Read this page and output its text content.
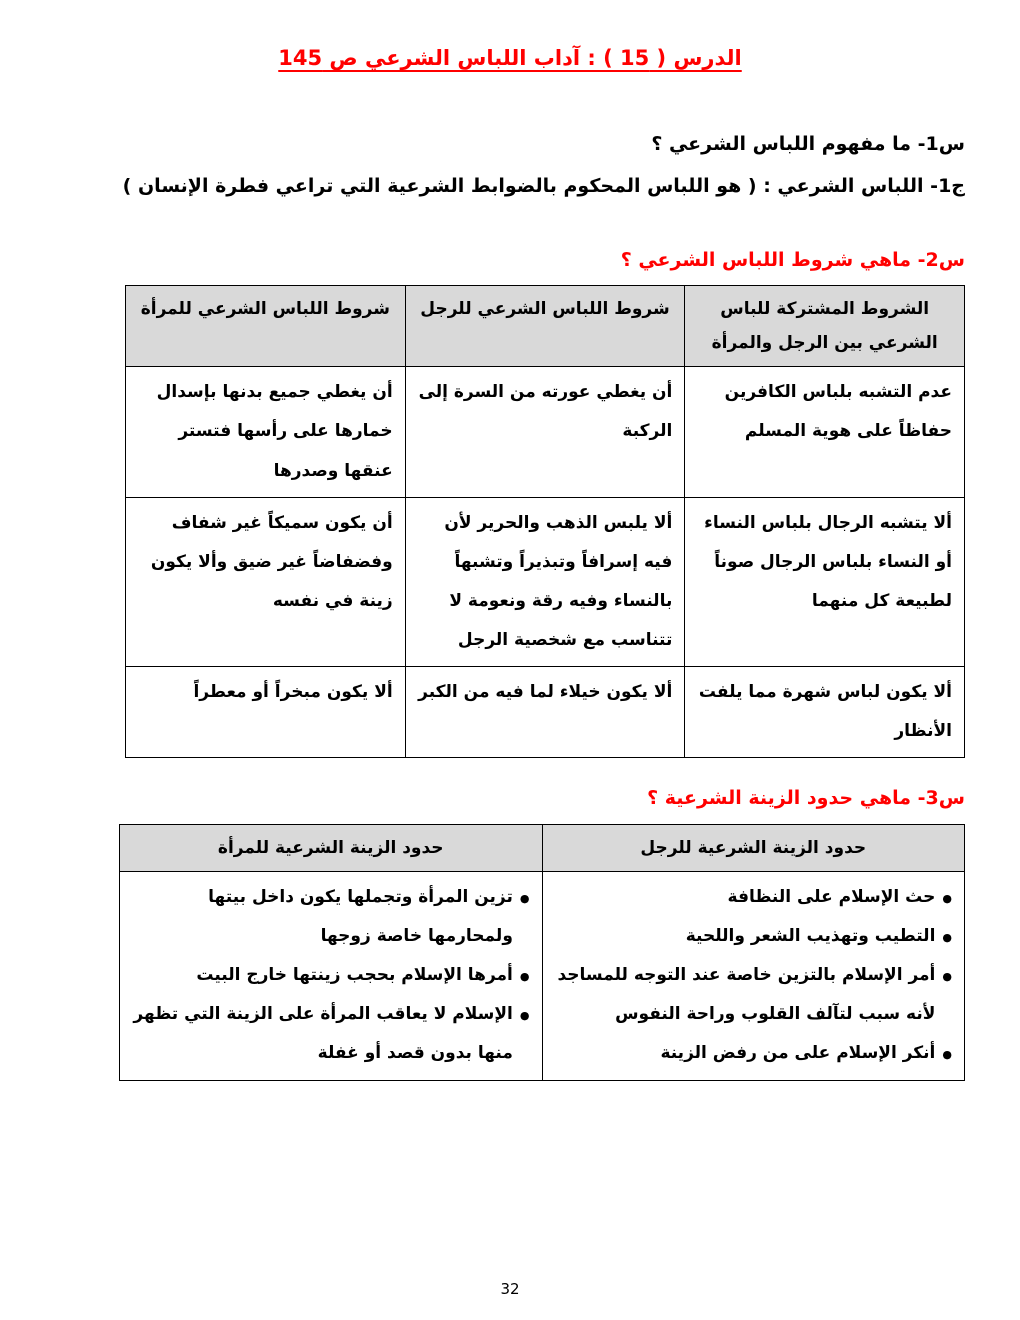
الدرس ( 15 ) : آداب اللباس الشرعي ص 145

س1- ما مفهوم اللباس الشرعي ؟

ج1- اللباس الشرعي : ( هو اللباس المحكوم بالضوابط الشرعية التي تراعي فطرة الإنسان )

س2- ماهي شروط اللباس الشرعي ؟

الشروط المشتركة للباس الشرعي بين الرجل والمرأة	شروط اللباس الشرعي للرجل	شروط اللباس الشرعي للمرأة
عدم التشبه بلباس الكافرين حفاظاً على هوية المسلم	أن يغطي عورته من السرة إلى الركبة	أن يغطي جميع بدنها بإسدال خمارها على رأسها فتستر عنقها وصدرها
ألا يتشبه الرجال بلباس النساء أو النساء بلباس الرجال صوناً لطبيعة كل منهما	ألا يلبس الذهب والحرير لأن فيه إسرافاً وتبذيراً وتشبهاً بالنساء وفيه رقة ونعومة لا تتناسب مع شخصية الرجل	أن يكون سميكاً غير شفاف وفضفاضاً غير ضيق وألا يكون زينة في نفسه
ألا يكون لباس شهرة مما يلفت الأنظار	ألا يكون خيلاء لما فيه من الكبر	ألا يكون مبخراً أو معطراً

س3- ماهي حدود الزينة الشرعية ؟

حدود الزينة الشرعية للرجل	حدود الزينة الشرعية للمرأة

●
حث الإسلام على النظافة
●
التطيب وتهذيب الشعر واللحية
●
أمر الإسلام بالتزين خاصة عند التوجه للمساجد لأنه سبب لتآلف القلوب وراحة النفوس
●
أنكر الإسلام على من رفض الزينة

●
تزين المرأة وتجملها يكون داخل بيتها ولمحارمها خاصة زوجها
●
أمرها الإسلام بحجب زينتها خارج البيت
●
الإسلام لا يعاقب المرأة على الزينة التي تظهر منها بدون قصد أو غفلة
32
